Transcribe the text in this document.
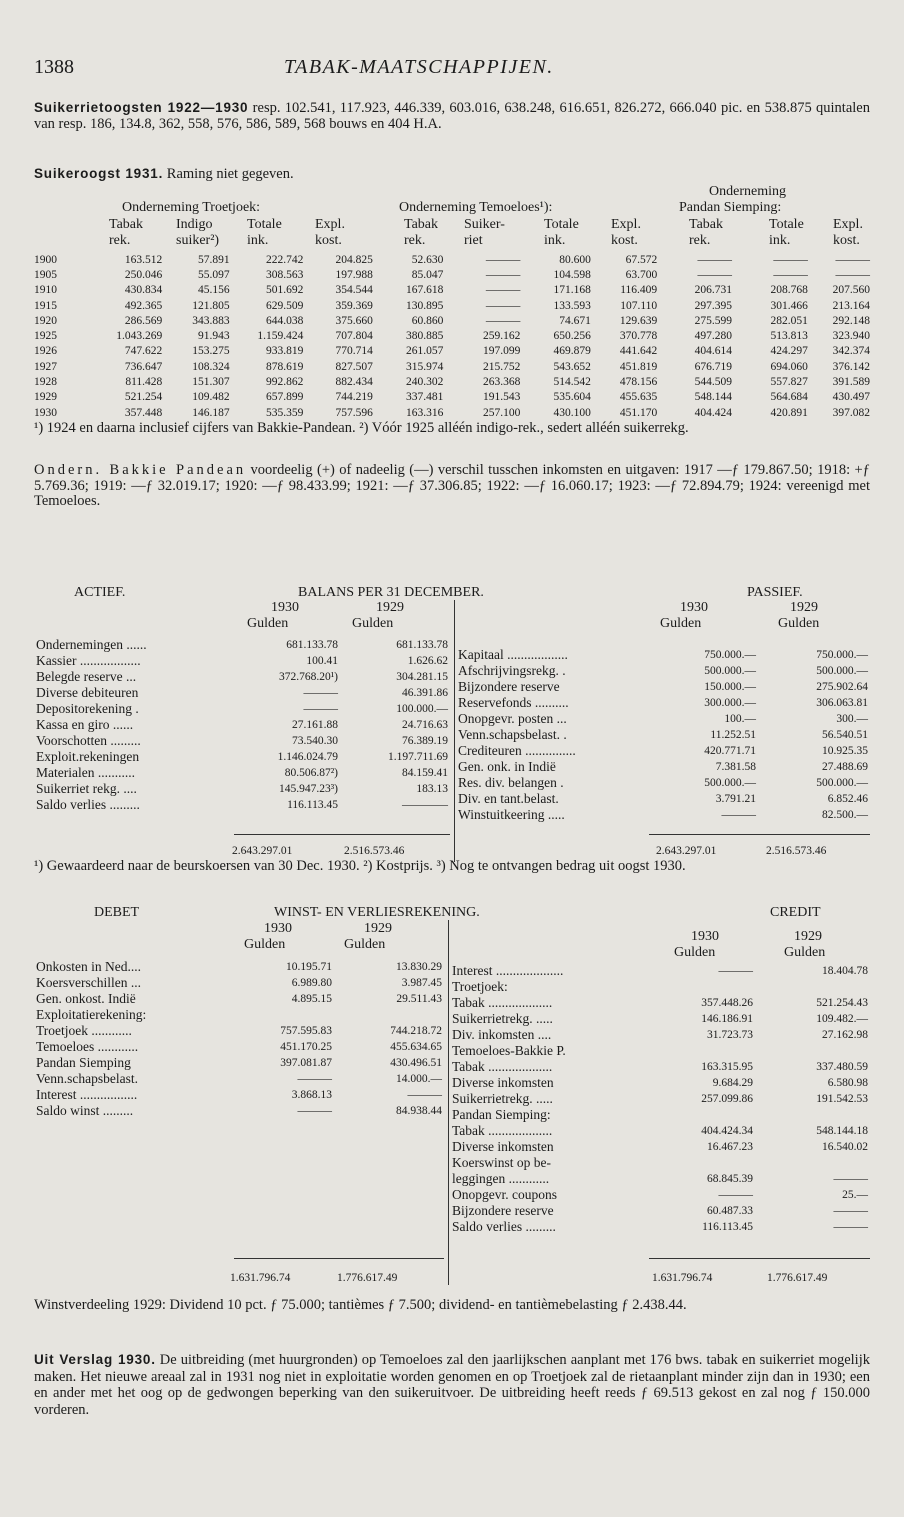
1388	TABAK-MAATSCHAPPIJEN.
Suikerrietoogsten 1922—1930 resp. 102.541, 117.923, 446.339, 603.016, 638.248, 616.651, 826.272, 666.040 pic. en 538.875 quintalen van resp. 186, 134.8, 362, 558, 576, 586, 589, 568 bouws en 404 H.A.
Suikeroogst 1931. Raming niet gegeven.
Onderneming
Onderneming Troetjoek:	Onderneming Temoeloes¹):	Pandan Siemping:
Tabak Indigo Totale Expl.	Tabak Suiker-	Totale Expl.	Tabak	Totale Expl.
rek.	suiker²) ink.	kost.	rek.	riet	ink.	kost.	rek.	ink.	kost.
1900	163.512	57.891	222.742	204.825	52.630	———	80.600	67.572	———	———	———
1905	250.046	55.097	308.563	197.988	85.047	———	104.598	63.700	———	———	———
1910	430.834	45.156	501.692	354.544	167.618	———	171.168	116.409	206.731	208.768	207.560
1915	492.365	121.805	629.509	359.369	130.895	———	133.593	107.110	297.395	301.466	213.164
1920	286.569	343.883	644.038	375.660	60.860	———	74.671	129.639	275.599	282.051	292.148
1925	1.043.269	91.943	1.159.424	707.804	380.885	259.162	650.256	370.778	497.280	513.813	323.940
1926	747.622	153.275	933.819	770.714	261.057	197.099	469.879	441.642	404.614	424.297	342.374
1927	736.647	108.324	878.619	827.507	315.974	215.752	543.652	451.819	676.719	694.060	376.142
1928	811.428	151.307	992.862	882.434	240.302	263.368	514.542	478.156	544.509	557.827	391.589
1929	521.254	109.482	657.899	744.219	337.481	191.543	535.604	455.635	548.144	564.684	430.497
1930	357.448	146.187	535.359	757.596	163.316	257.100	430.100	451.170	404.424	420.891	397.082
¹) 1924 en daarna inclusief cijfers van Bakkie-Pandean. ²) Vóór 1925 alléén indigo-rek., sedert alléén suikerrekg.
Ondern. Bakkie Pandean voordeelig (+) of nadeelig (—) verschil tusschen inkomsten en uitgaven: 1917 —ƒ 179.867.50; 1918: +ƒ 5.769.36; 1919: —ƒ 32.019.17; 1920: —ƒ 98.433.99; 1921: —ƒ 37.306.85; 1922: —ƒ 16.060.17; 1923: —ƒ 72.894.79; 1924: vereenigd met Temoeloes.
ACTIEF.	BALANS PER 31 DECEMBER.	PASSIEF.
1930	1929
Gulden	Gulden
1930	1929
Gulden	Gulden
Ondernemingen ......	681.133.78	681.133.78
Kassier ..................	100.41	1.626.62
Belegde reserve ...	372.768.20¹)	304.281.15
Diverse debiteuren	———	46.391.86
Depositorekening .	———	100.000.—
Kassa en giro ......	27.161.88	24.716.63
Voorschotten .........	73.540.30	76.389.19
Exploit.rekeningen	1.146.024.79	1.197.711.69
Materialen ...........	80.506.87²)	84.159.41
Suikerriet rekg. ....	145.947.23³)	183.13
Saldo verlies .........	116.113.45	————
Kapitaal ..................	750.000.—	750.000.—
Afschrijvingsrekg. .	500.000.—	500.000.—
Bijzondere reserve	150.000.—	275.902.64
Reservefonds ..........	300.000.—	306.063.81
Onopgevr. posten ...	100.—	300.—
Venn.schapsbelast. .	11.252.51	56.540.51
Crediteuren ...............	420.771.71	10.925.35
Gen. onk. in Indië	7.381.58	27.488.69
Res. div. belangen .	500.000.—	500.000.—
Div. en tant.belast.	3.791.21	6.852.46
Winstuitkeering .....	———	82.500.—
2.643.297.01	2.516.573.46	2.643.297.01	2.516.573.46
¹) Gewaardeerd naar de beurskoersen van 30 Dec. 1930. ²) Kostprijs. ³) Nog te ontvangen bedrag uit oogst 1930.
DEBET	WINST- EN VERLIESREKENING.	CREDIT
1930	1929
Gulden	Gulden
1930	1929
Gulden	Gulden
Onkosten in Ned....	10.195.71	13.830.29
Koersverschillen ...	6.989.80	3.987.45
Gen. onkost. Indië	4.895.15	29.511.43
Exploitatierekening:		
Troetjoek ............	757.595.83	744.218.72
Temoeloes ............	451.170.25	455.634.65
Pandan Siemping	397.081.87	430.496.51
Venn.schapsbelast.	———	14.000.—
Interest .................	3.868.13	———
Saldo winst .........	———	84.938.44
Interest ....................	———	18.404.78
Troetjoek:		
Tabak ...................	357.448.26	521.254.43
Suikerrietrekg. .....	146.186.91	109.482.—
Div. inkomsten ....	31.723.73	27.162.98
Temoeloes-Bakkie P.		
Tabak ...................	163.315.95	337.480.59
Diverse inkomsten	9.684.29	6.580.98
Suikerrietrekg. .....	257.099.86	191.542.53
Pandan Siemping:		
Tabak ...................	404.424.34	548.144.18
Diverse inkomsten	16.467.23	16.540.02
Koerswinst op be-		
leggingen ............	68.845.39	———
Onopgevr. coupons	———	25.—
Bijzondere reserve	60.487.33	———
Saldo verlies .........	116.113.45	———
1.631.796.74	1.776.617.49	1.631.796.74	1.776.617.49
Winstverdeeling 1929: Dividend 10 pct. ƒ 75.000; tantièmes ƒ 7.500; dividend- en tantièmebelasting ƒ 2.438.44.
Uit Verslag 1930. De uitbreiding (met huurgronden) op Temoeloes zal den jaarlijkschen aanplant met 176 bws. tabak en suikerriet mogelijk maken. Het nieuwe areaal zal in 1931 nog niet in exploitatie worden genomen en op Troetjoek zal de rietaanplant minder zijn dan in 1930; een en ander met het oog op de gedwongen beperking van den suikeruitvoer. De uitbreiding heeft reeds ƒ 69.513 gekost en zal nog ƒ 150.000 vorderen.
